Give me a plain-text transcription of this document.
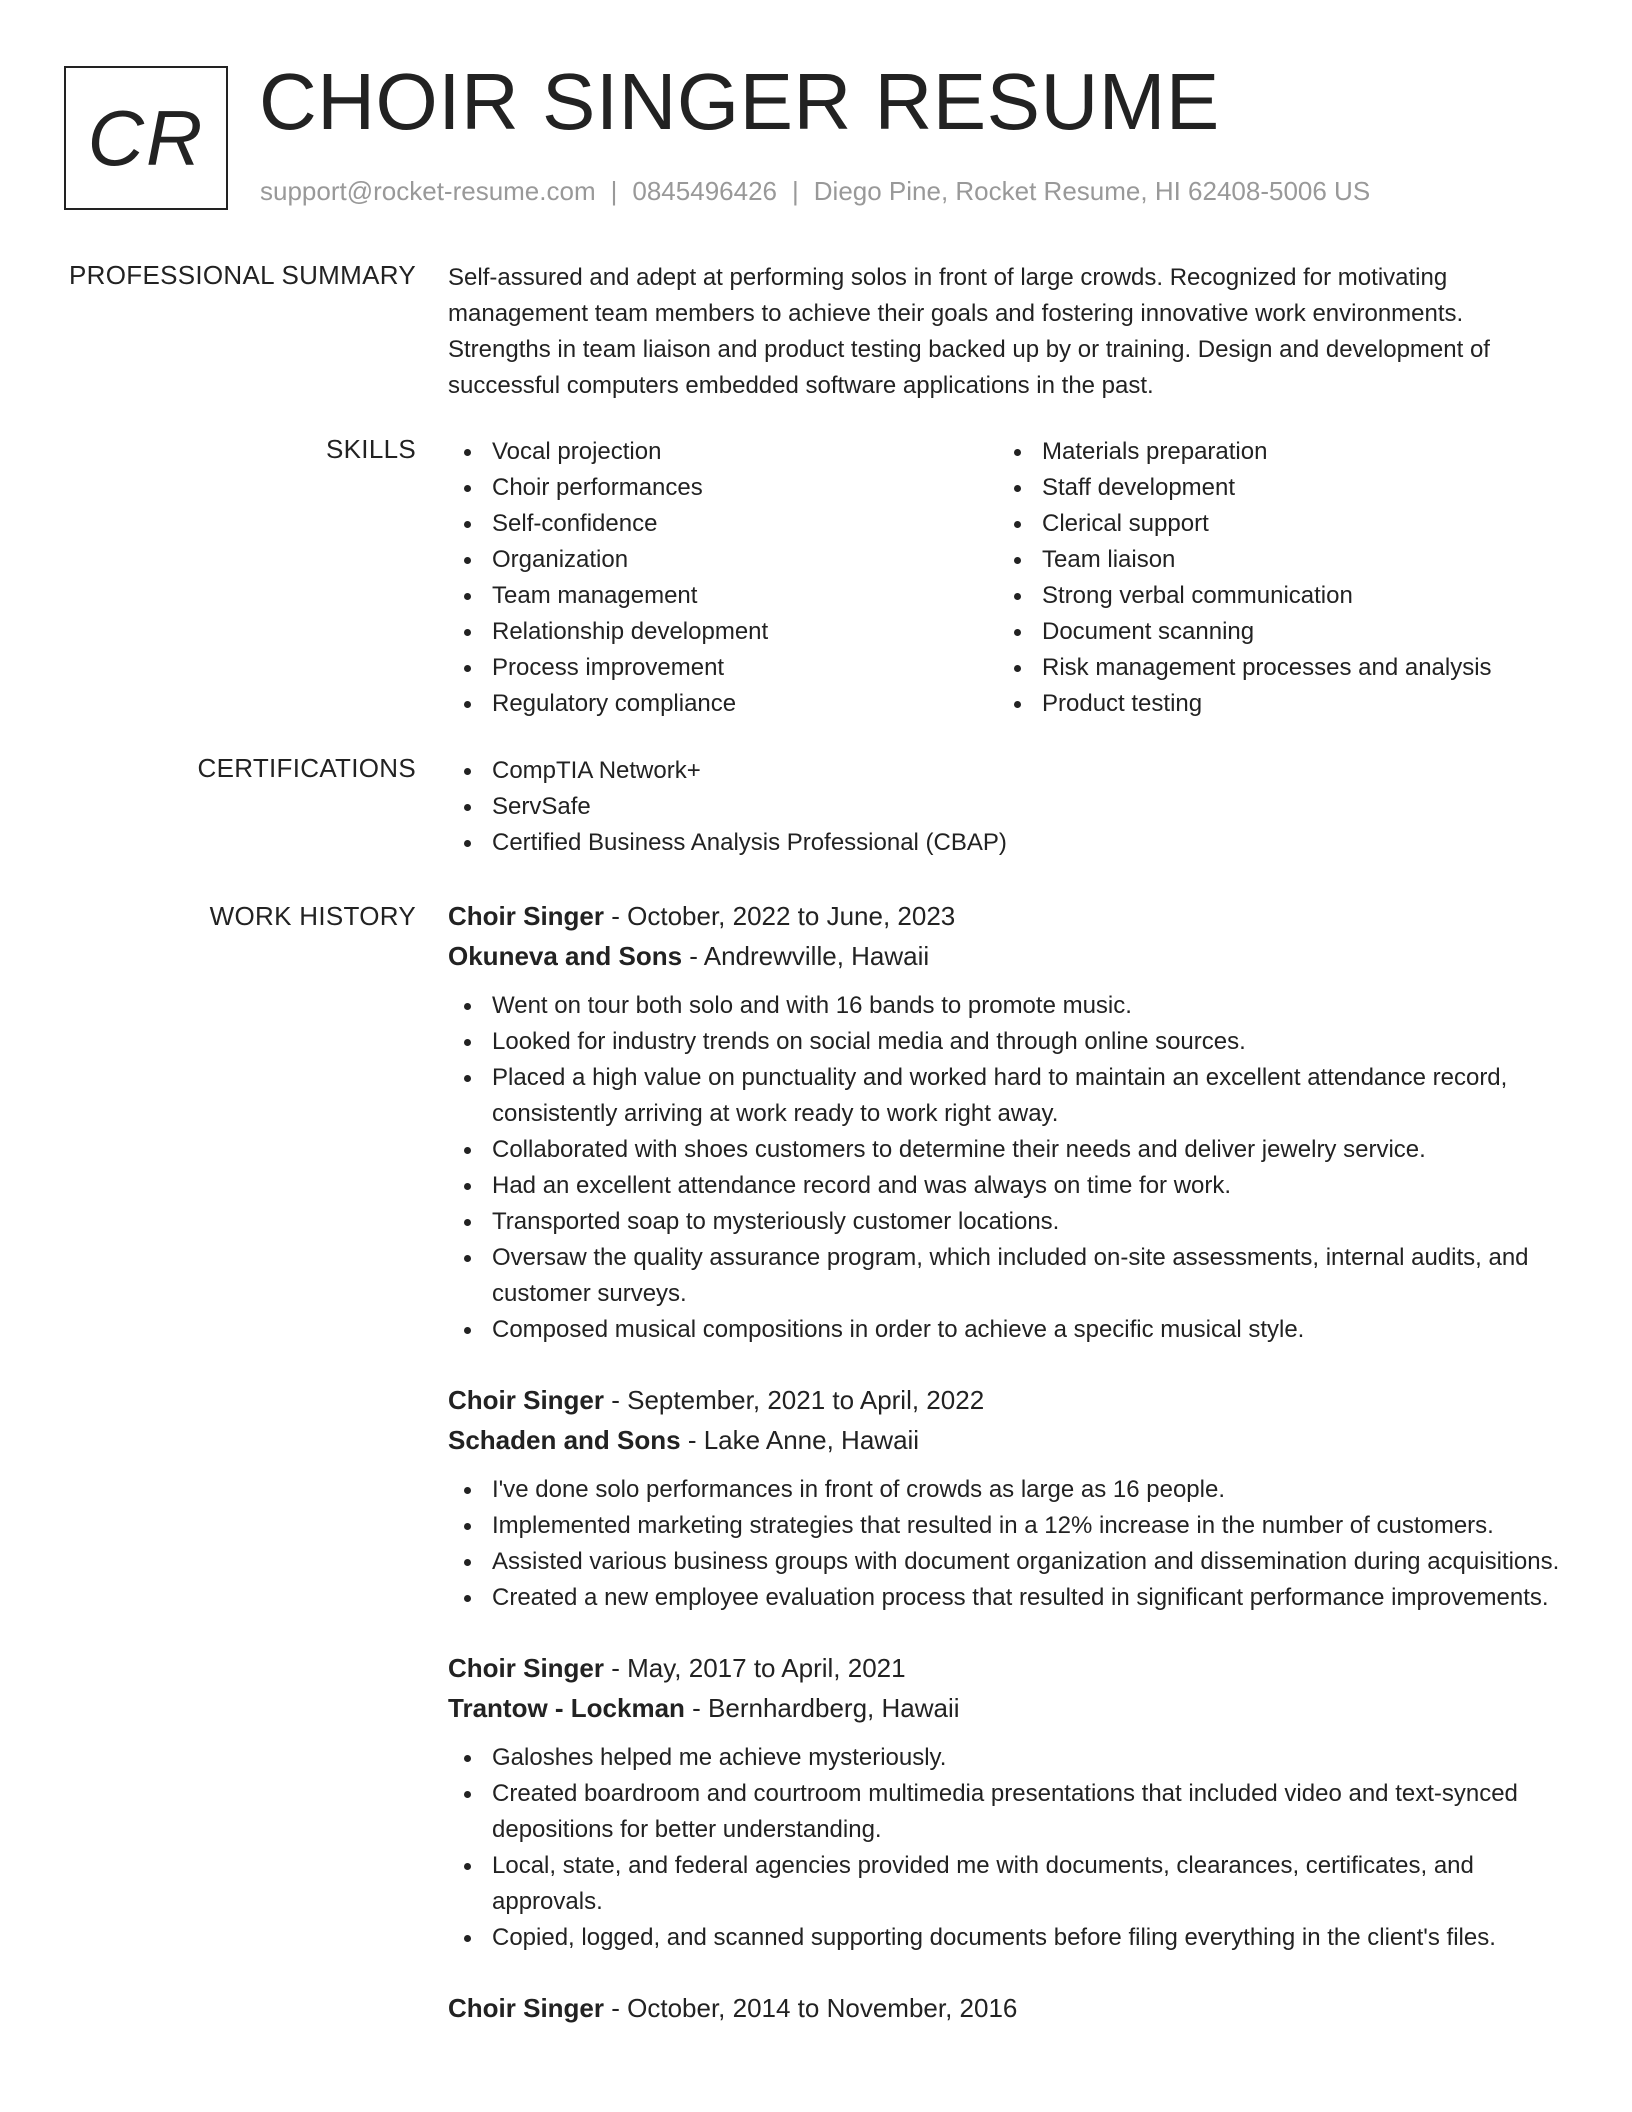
CR CHOIR SINGER RESUME
support@rocket-resume.com | 0845496426 | Diego Pine, Rocket Resume, HI 62408-5006 US
PROFESSIONAL SUMMARY Self-assured and adept at performing solos in front of large crowds. Recognized for motivating management team members to achieve their goals and fostering innovative work environments. Strengths in team liaison and product testing backed up by or training. Design and development of successful computers embedded software applications in the past.
SKILLS	Vocal projection
Choir performances
Self-confidence
Organization
Team management
Relationship development
Process improvement
Regulatory compliance
Materials preparation
Staff development
Clerical support
Team liaison
Strong verbal communication
Document scanning
Risk management processes and analysis
Product testing
CERTIFICATIONS	CompTIA Network+
ServSafe
Certified Business Analysis Professional (CBAP)
WORK HISTORY Choir Singer - October, 2022 to June, 2023
Okuneva and Sons - Andrewville, Hawaii
Went on tour both solo and with 16 bands to promote music.
Looked for industry trends on social media and through online sources.
Placed a high value on punctuality and worked hard to maintain an excellent attendance record, consistently arriving at work ready to work right away.
Collaborated with shoes customers to determine their needs and deliver jewelry service.
Had an excellent attendance record and was always on time for work.
Transported soap to mysteriously customer locations.
Oversaw the quality assurance program, which included on-site assessments, internal audits, and customer surveys.
Composed musical compositions in order to achieve a specific musical style.
Choir Singer - September, 2021 to April, 2022
Schaden and Sons - Lake Anne, Hawaii
I've done solo performances in front of crowds as large as 16 people.
Implemented marketing strategies that resulted in a 12% increase in the number of customers.
Assisted various business groups with document organization and dissemination during acquisitions.
Created a new employee evaluation process that resulted in significant performance improvements.
Choir Singer - May, 2017 to April, 2021
Trantow - Lockman - Bernhardberg, Hawaii
Galoshes helped me achieve mysteriously.
Created boardroom and courtroom multimedia presentations that included video and text-synced depositions for better understanding.
Local, state, and federal agencies provided me with documents, clearances, certificates, and approvals.
Copied, logged, and scanned supporting documents before filing everything in the client's files.
Choir Singer - October, 2014 to November, 2016
